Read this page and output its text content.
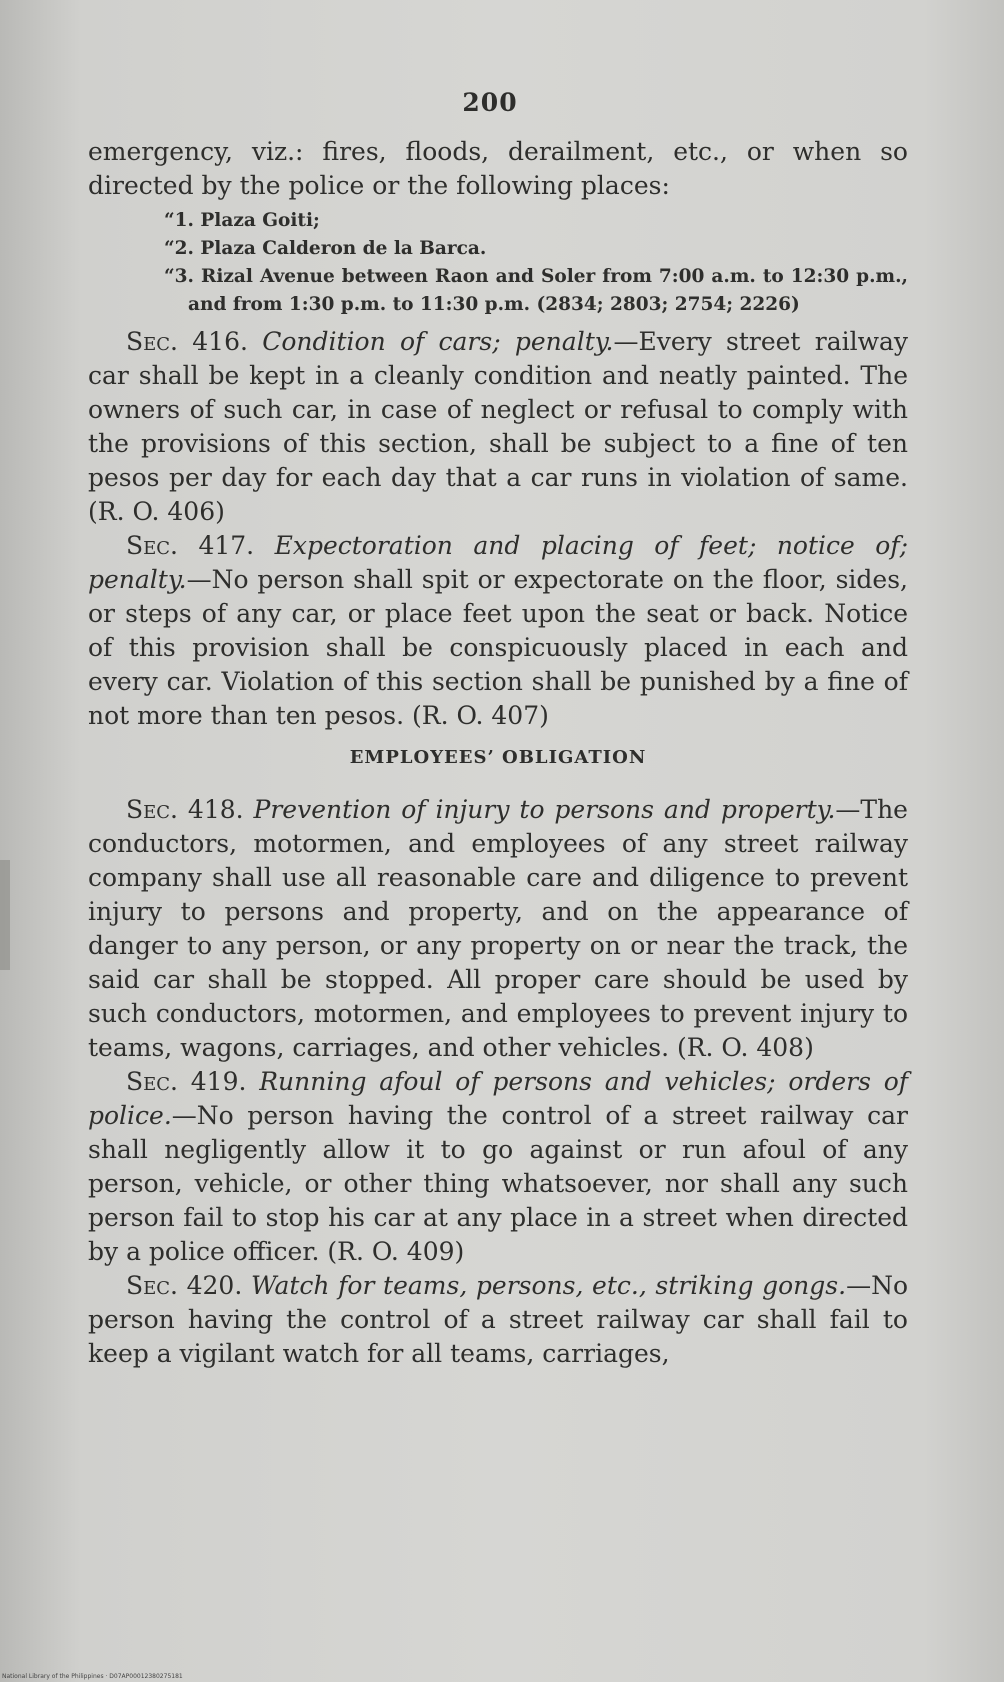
200

emergency, viz.: fires, floods, derailment, etc., or when so directed by the police or the following places:

“1. Plaza Goiti;
“2. Plaza Calderon de la Barca.
“3. Rizal Avenue between Raon and Soler from 7:00 a.m. to 12:30 p.m., and from 1:30 p.m. to 11:30 p.m. (2834; 2803; 2754; 2226)

Sec. 416. Condition of cars; penalty.—Every street railway car shall be kept in a cleanly condition and neatly painted. The owners of such car, in case of neglect or refusal to comply with the provisions of this section, shall be subject to a fine of ten pesos per day for each day that a car runs in violation of same. (R. O. 406)

Sec. 417. Expectoration and placing of feet; notice of; penalty.—No person shall spit or expectorate on the floor, sides, or steps of any car, or place feet upon the seat or back. Notice of this provision shall be conspicuously placed in each and every car. Violation of this section shall be punished by a fine of not more than ten pesos. (R. O. 407)

EMPLOYEES’ OBLIGATION

Sec. 418. Prevention of injury to persons and property.—The conductors, motormen, and employees of any street railway company shall use all reasonable care and diligence to prevent injury to persons and property, and on the appearance of danger to any person, or any property on or near the track, the said car shall be stopped. All proper care should be used by such conductors, motormen, and employees to prevent injury to teams, wagons, carriages, and other vehicles. (R. O. 408)

Sec. 419. Running afoul of persons and vehicles; orders of police.—No person having the control of a street railway car shall negligently allow it to go against or run afoul of any person, vehicle, or other thing whatsoever, nor shall any such person fail to stop his car at any place in a street when directed by a police officer. (R. O. 409)

Sec. 420. Watch for teams, persons, etc., striking gongs.—No person having the control of a street railway car shall fail to keep a vigilant watch for all teams, carriages,

National Library of the Philippines · D07AP00012380275181
